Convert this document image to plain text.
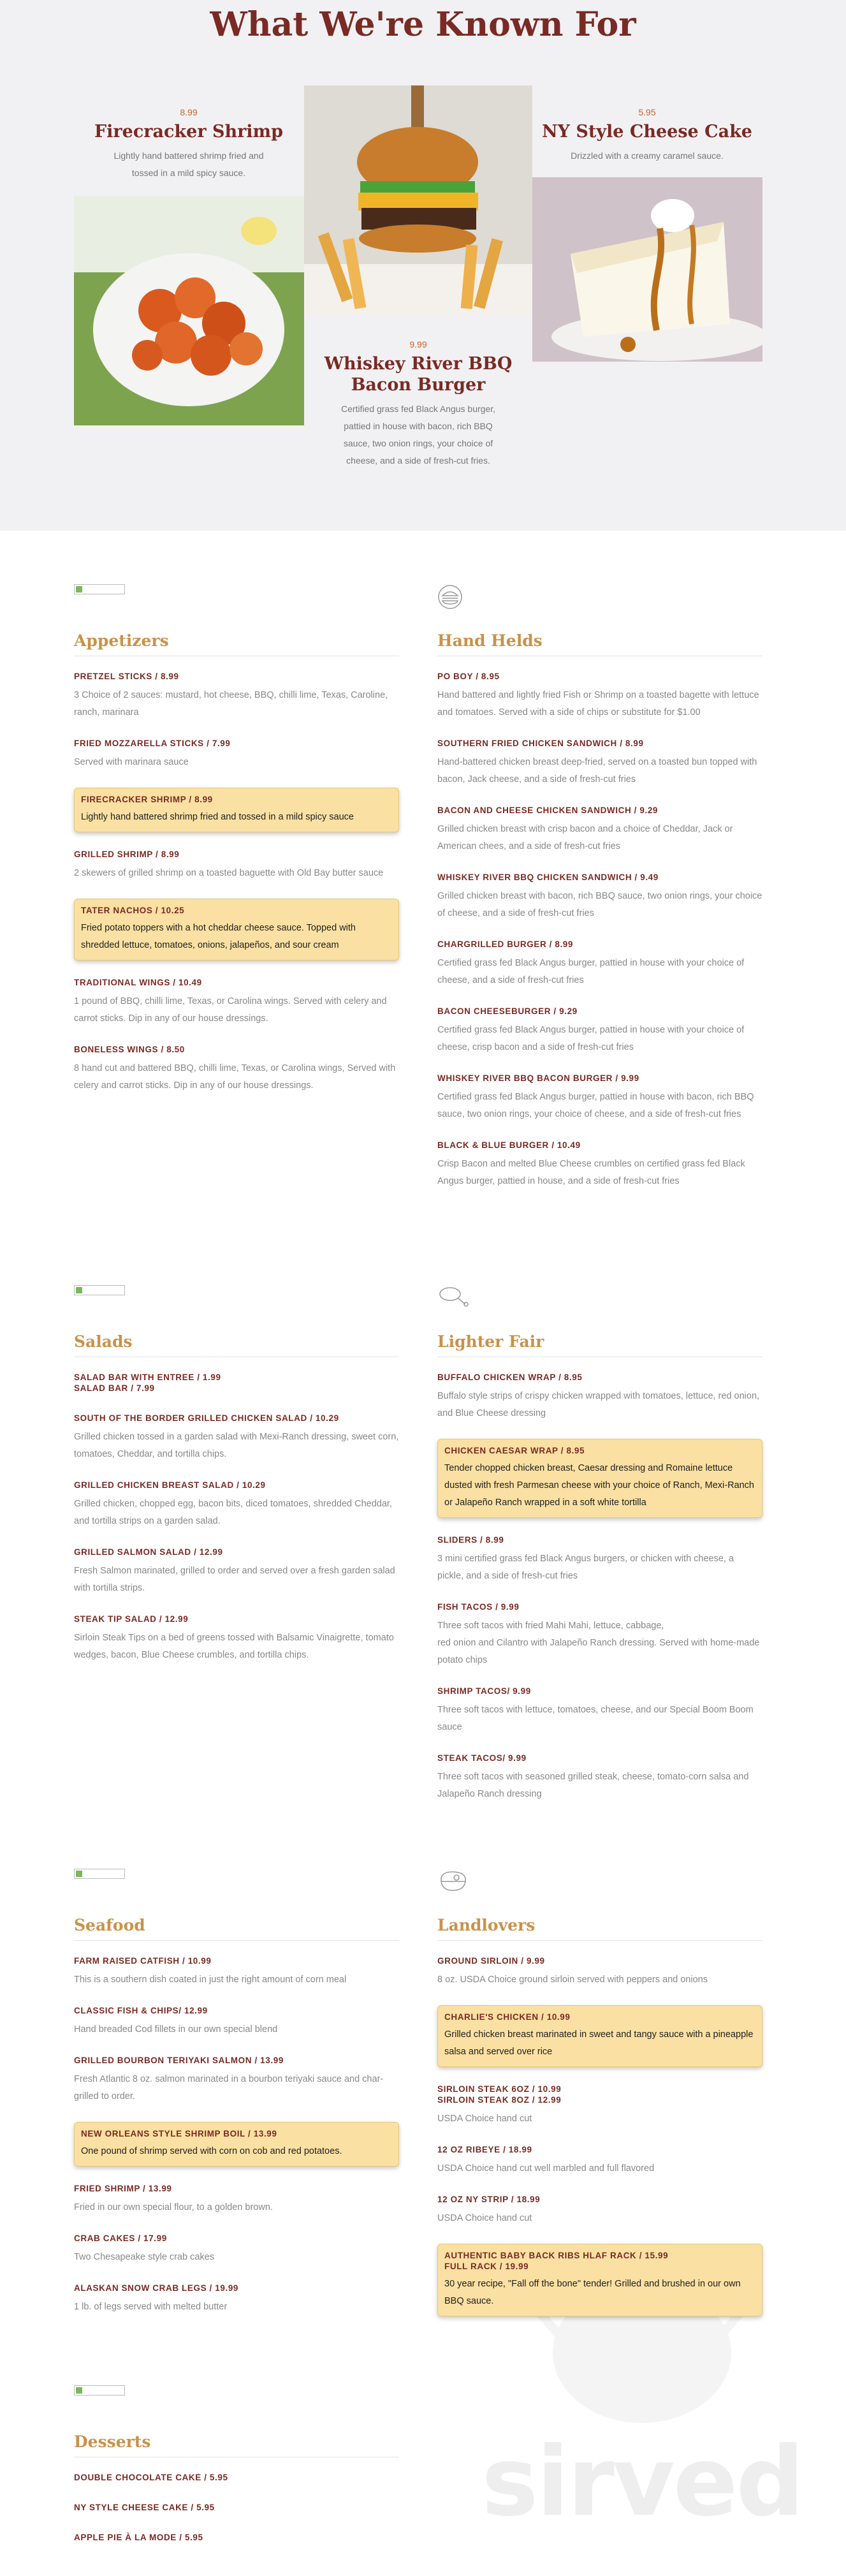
What We're Known For
8.99
Firecracker Shrimp
Lightly hand battered shrimp fried and tossed in a mild spicy sauce.
9.99
Whiskey River BBQ Bacon Burger
Certified grass fed Black Angus burger, pattied in house with bacon, rich BBQ sauce, two onion rings, your choice of cheese, and a side of fresh-cut fries.
5.95
NY Style Cheese Cake
Drizzled with a creamy caramel sauce.
sirved
Appetizers
PRETZEL STICKS / 8.99
3 Choice of 2 sauces: mustard, hot cheese, BBQ, chilli lime, Texas, Caroline, ranch, marinara
FRIED MOZZARELLA STICKS / 7.99
Served with marinara sauce
FIRECRACKER SHRIMP / 8.99
Lightly hand battered shrimp fried and tossed in a mild spicy sauce
GRILLED SHRIMP / 8.99
2 skewers of grilled shrimp on a toasted baguette with Old Bay butter sauce
TATER NACHOS / 10.25
Fried potato toppers with a hot cheddar cheese sauce. Topped with shredded lettuce, tomatoes, onions, jalapeños, and sour cream
TRADITIONAL WINGS / 10.49
1 pound of BBQ, chilli lime, Texas, or Carolina wings. Served with celery and carrot sticks. Dip in any of our house dressings.
BONELESS WINGS / 8.50
8 hand cut and battered BBQ, chilli lime, Texas, or Carolina wings, Served with celery and carrot sticks. Dip in any of our house dressings.
Hand Helds
PO BOY / 8.95
Hand battered and lightly fried Fish or Shrimp on a toasted bagette with lettuce and tomatoes. Served with a side of chips or substitute for $1.00
SOUTHERN FRIED CHICKEN SANDWICH / 8.99
Hand-battered chicken breast deep-fried, served on a toasted bun topped with bacon, Jack cheese, and a side of fresh-cut fries
BACON AND CHEESE CHICKEN SANDWICH / 9.29
Grilled chicken breast with crisp bacon and a choice of Cheddar, Jack or American chees, and a side of fresh-cut fries
WHISKEY RIVER BBQ CHICKEN SANDWICH / 9.49
Grilled chicken breast with bacon, rich BBQ sauce, two onion rings, your choice of cheese, and a side of fresh-cut fries
CHARGRILLED BURGER / 8.99
Certified grass fed Black Angus burger, pattied in house with your choice of cheese, and a side of fresh-cut fries
BACON CHEESEBURGER / 9.29
Certified grass fed Black Angus burger, pattied in house with your choice of cheese, crisp bacon and a side of fresh-cut fries
WHISKEY RIVER BBQ BACON BURGER / 9.99
Certified grass fed Black Angus burger, pattied in house with bacon, rich BBQ sauce, two onion rings, your choice of cheese, and a side of fresh-cut fries
BLACK & BLUE BURGER / 10.49
Crisp Bacon and melted Blue Cheese crumbles on certified grass fed Black Angus burger, pattied in house, and a side of fresh-cut fries
Salads
SALAD BAR WITH ENTREE / 1.99
SALAD BAR / 7.99
SOUTH OF THE BORDER GRILLED CHICKEN SALAD / 10.29
Grilled chicken tossed in a garden salad with Mexi-Ranch dressing, sweet corn, tomatoes, Cheddar, and tortilla chips.
GRILLED CHICKEN BREAST SALAD / 10.29
Grilled chicken, chopped egg, bacon bits, diced tomatoes, shredded Cheddar, and tortilla strips on a garden salad.
GRILLED SALMON SALAD / 12.99
Fresh Salmon marinated, grilled to order and served over a fresh garden salad with tortilla strips.
STEAK TIP SALAD / 12.99
Sirloin Steak Tips on a bed of greens tossed with Balsamic Vinaigrette, tomato wedges, bacon, Blue Cheese crumbles, and tortilla chips.
Lighter Fair
BUFFALO CHICKEN WRAP / 8.95
Buffalo style strips of crispy chicken wrapped with tomatoes, lettuce, red onion, and Blue Cheese dressing
CHICKEN CAESAR WRAP / 8.95
Tender chopped chicken breast, Caesar dressing and Romaine lettuce dusted with fresh Parmesan cheese with your choice of Ranch, Mexi-Ranch or Jalapeño Ranch wrapped in a soft white tortilla
SLIDERS / 8.99
3 mini certified grass fed Black Angus burgers, or chicken with cheese, a pickle, and a side of fresh-cut fries
FISH TACOS / 9.99
Three soft tacos with fried Mahi Mahi, lettuce, cabbage,
red onion and Cilantro with Jalapeño Ranch dressing. Served with home-made potato chips
SHRIMP TACOS/ 9.99
Three soft tacos with lettuce, tomatoes, cheese, and our Special Boom Boom sauce
STEAK TACOS/ 9.99
Three soft tacos with seasoned grilled steak, cheese, tomato-corn salsa and Jalapeño Ranch dressing
Seafood
FARM RAISED CATFISH / 10.99
This is a southern dish coated in just the right amount of corn meal
CLASSIC FISH & CHIPS/ 12.99
Hand breaded Cod fillets in our own special blend
GRILLED BOURBON TERIYAKI SALMON / 13.99
Fresh Atlantic 8 oz. salmon marinated in a bourbon teriyaki sauce and char-grilled to order.
NEW ORLEANS STYLE SHRIMP BOIL / 13.99
One pound of shrimp served with corn on cob and red potatoes.
FRIED SHRIMP / 13.99
Fried in our own special flour, to a golden brown.
CRAB CAKES / 17.99
Two Chesapeake style crab cakes
ALASKAN SNOW CRAB LEGS / 19.99
1 lb. of legs served with melted butter
Landlovers
GROUND SIRLOIN / 9.99
8 oz. USDA Choice ground sirloin served with peppers and onions
CHARLIE'S CHICKEN / 10.99
Grilled chicken breast marinated in sweet and tangy sauce with a pineapple salsa and served over rice
SIRLOIN STEAK 6OZ / 10.99
SIRLOIN STEAK 8OZ / 12.99
USDA Choice hand cut
12 OZ RIBEYE / 18.99
USDA Choice hand cut well marbled and full flavored
12 OZ NY STRIP / 18.99
USDA Choice hand cut
AUTHENTIC BABY BACK RIBS HLAF RACK / 15.99
FULL RACK / 19.99
30 year recipe, "Fall off the bone" tender! Grilled and brushed in our own BBQ sauce.
Desserts
DOUBLE CHOCOLATE CAKE / 5.95
NY STYLE CHEESE CAKE / 5.95
APPLE PIE À LA MODE / 5.95
